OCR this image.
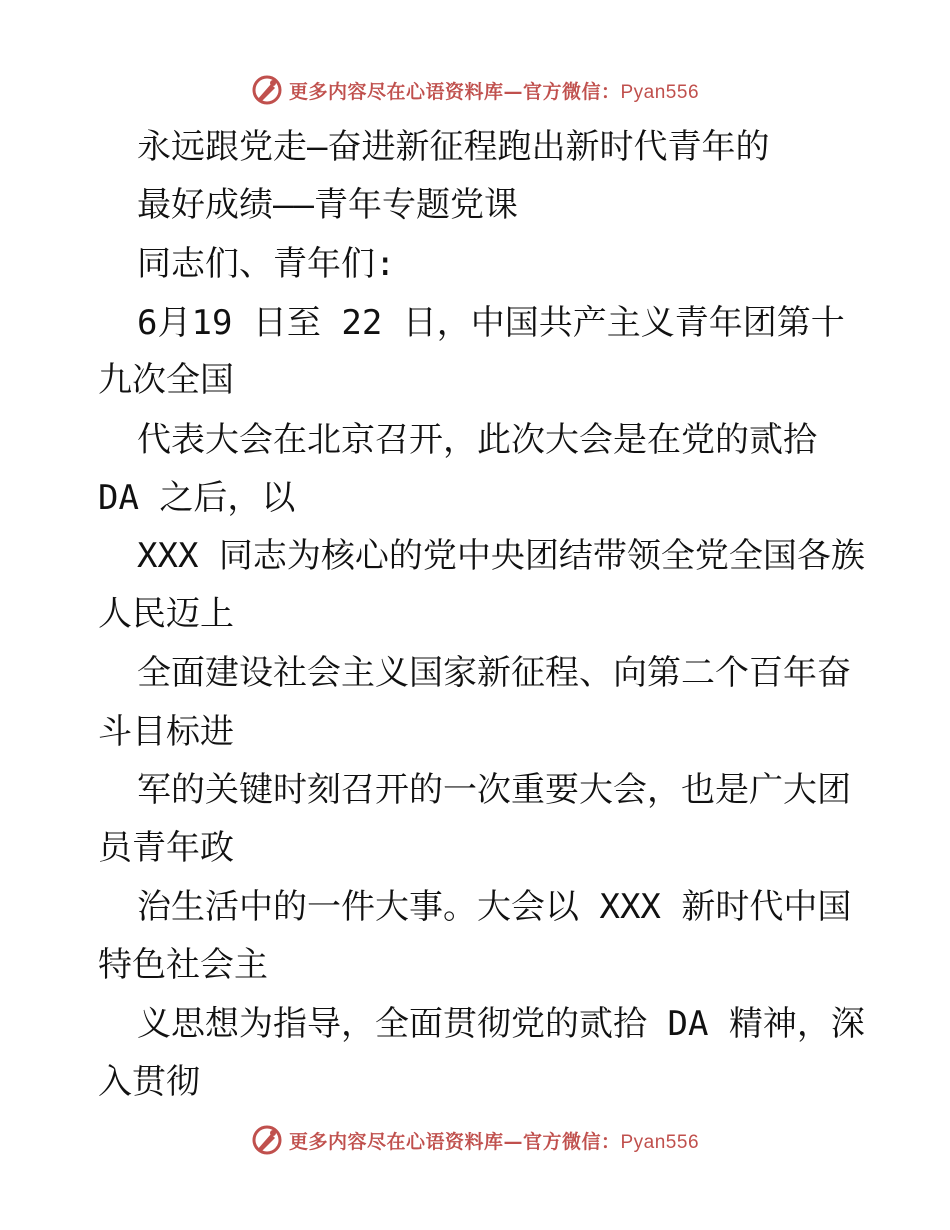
更多内容尽在心语资料库—官方微信：Pyan556
永远跟党走—奋进新征程跑出新时代青年的
最好成绩——青年专题党课
同志们、青年们:
6月19 日至 22 日，中国共产主义青年团第十
九次全国
代表大会在北京召开，此次大会是在党的贰拾
DA 之后，以
XXX 同志为核心的党中央团结带领全党全国各族
人民迈上
全面建设社会主义国家新征程、向第二个百年奋
斗目标进
军的关键时刻召开的一次重要大会，也是广大团
员青年政
治生活中的一件大事。大会以 XXX 新时代中国
特色社会主
义思想为指导，全面贯彻党的贰拾 DA 精神，深
入贯彻
更多内容尽在心语资料库—官方微信：Pyan556
